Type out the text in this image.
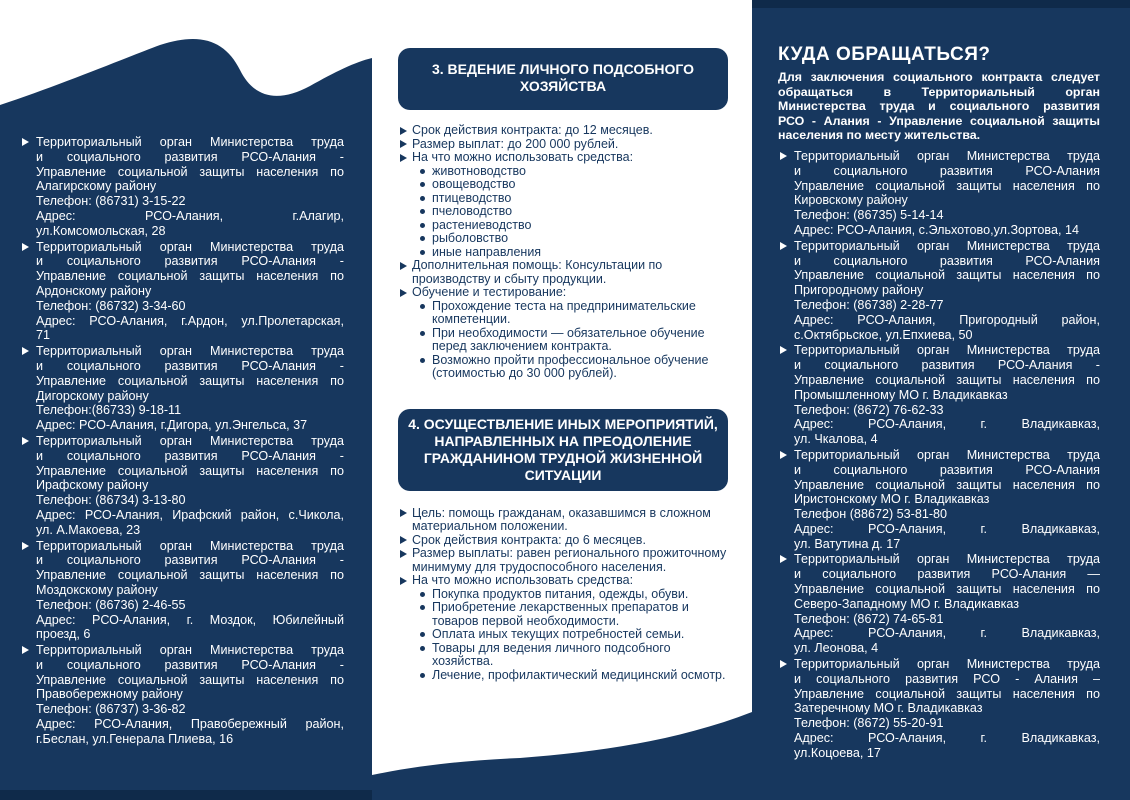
Территориальный орган Министерства труда
и социального развития РСО-Алания -
Управление социальной защиты населения по
Алагирскому району
Телефон: (86731) 3-15-22
Адрес: РСО-Алания, г.Алагир,
ул.Комсомольская, 28
Территориальный орган Министерства труда
и социального развития РСО-Алания -
Управление социальной защиты населения по
Ардонскому району
Телефон: (86732) 3-34-60
Адрес: РСО-Алания, г.Ардон, ул.Пролетарская,
71
Территориальный орган Министерства труда
и социального развития РСО-Алания -
Управление социальной защиты населения по
Дигорскому району
Телефон:(86733) 9-18-11
Адрес: РСО-Алания, г.Дигора, ул.Энгельса, 37
Территориальный орган Министерства труда
и социального развития РСО-Алания -
Управление социальной защиты населения по
Ирафскому району
Телефон: (86734) 3-13-80
Адрес: РСО-Алания, Ирафский район, с.Чикола,
ул. А.Макоева, 23
Территориальный орган Министерства труда
и социального развития РСО-Алания -
Управление социальной защиты населения по
Моздокскому району
Телефон: (86736) 2-46-55
Адрес: РСО-Алания, г. Моздок, Юбилейный
проезд, 6
Территориальный орган Министерства труда
и социального развития РСО-Алания -
Управление социальной защиты населения по
Правобережному району
Телефон: (86737) 3-36-82
Адрес: РСО-Алания, Правобережный район,
г.Беслан, ул.Генерала Плиева, 16
3. ВЕДЕНИЕ ЛИЧНОГО ПОДСОБНОГО
ХОЗЯЙСТВА
Срок действия контракта: до 12 месяцев.
Размер выплат: до 200 000 рублей.
На что можно использовать средства:
животноводство
овощеводство
птицеводство
пчеловодство
растениеводство
рыболовство
иные направления
Дополнительная помощь: Консультации по производству и сбыту продукции.
Обучение и тестирование:
Прохождение теста на предпринимательские компетенции.
При необходимости — обязательное обучение перед заключением контракта.
Возможно пройти профессиональное обучение (стоимостью до 30 000 рублей).
4. ОСУЩЕСТВЛЕНИЕ ИНЫХ МЕРОПРИЯТИЙ,
НАПРАВЛЕННЫХ НА ПРЕОДОЛЕНИЕ
ГРАЖДАНИНОМ ТРУДНОЙ ЖИЗНЕННОЙ
СИТУАЦИИ
Цель: помощь гражданам, оказавшимся в сложном материальном положении.
Срок действия контракта: до 6 месяцев.
Размер выплаты: равен регионального прожиточному минимуму для трудоспособного населения.
На что можно использовать средства:
Покупка продуктов питания, одежды, обуви.
Приобретение лекарственных препаратов и товаров первой необходимости.
Оплата иных текущих потребностей семьи.
Товары для ведения личного подсобного хозяйства.
Лечение, профилактический медицинский осмотр.
КУДА ОБРАЩАТЬСЯ?
Для заключения социального контракта следует
обращаться в Территориальный орган
Министерства труда и социального развития
РСО - Алания - Управление социальной защиты
населения по месту жительства.
Территориальный орган Министерства труда
и социального развития РСО-Алания
Управление социальной защиты населения по
Кировскому району
Телефон: (86735) 5-14-14
Адрес: РСО-Алания, с.Эльхотово,ул.Зортова, 14
Территориальный орган Министерства труда
и социального развития РСО-Алания
Управление социальной защиты населения по
Пригородному району
Телефон: (86738) 2-28-77
Адрес: РСО-Алания, Пригородный район,
с.Октябрьское, ул.Епхиева, 50
Территориальный орган Министерства труда
и социального развития РСО-Алания -
Управление социальной защиты населения по
Промышленному МО г. Владикавказ
Телефон: (8672) 76-62-33
Адрес: РСО-Алания, г. Владикавказ,
ул. Чкалова, 4
Территориальный орган Министерства труда
и социального развития РСО-Алания
Управление социальной защиты населения по
Иристонскому МО г. Владикавказ
Телефон (88672) 53-81-80
Адрес: РСО-Алания, г. Владикавказ,
ул. Ватутина д. 17
Территориальный орган Министерства труда
и социального развития РСО-Алания —
Управление социальной защиты населения по
Северо-Западному МО г. Владикавказ
Телефон: (8672) 74-65-81
Адрес: РСО-Алания, г. Владикавказ,
ул. Леонова, 4
Территориальный орган Министерства труда
и социального развития РСО - Алания –
Управление социальной защиты населения по
Затеречному МО г. Владикавказ
Телефон: (8672) 55-20-91
Адрес: РСО-Алания, г. Владикавказ,
ул.Коцоева, 17
